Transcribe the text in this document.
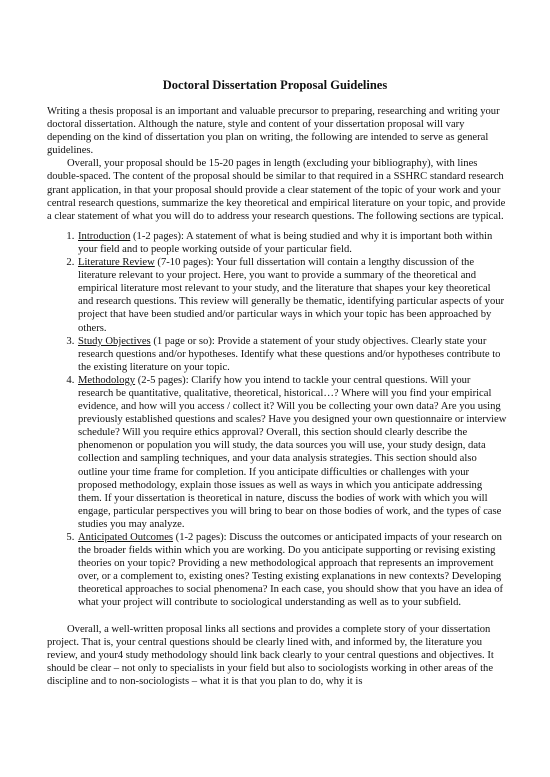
Doctoral Dissertation Proposal Guidelines

Writing a thesis proposal is an important and valuable precursor to preparing, researching and writing your doctoral dissertation. Although the nature, style and content of your dissertation proposal will vary depending on the kind of dissertation you plan on writing, the following are intended to serve as general guidelines.

Overall, your proposal should be 15-20 pages in length (excluding your bibliography), with lines double-spaced. The content of the proposal should be similar to that required in a SSHRC standard research grant application, in that your proposal should provide a clear statement of the topic of your work and your central research questions, summarize the key theoretical and empirical literature on your topic, and provide a clear statement of what you will do to address your research questions. The following sections are typical.

1. Introduction (1-2 pages): A statement of what is being studied and why it is important both within your field and to people working outside of your particular field.
2. Literature Review (7-10 pages): Your full dissertation will contain a lengthy discussion of the literature relevant to your project. Here, you want to provide a summary of the theoretical and empirical literature most relevant to your study, and the literature that shapes your key theoretical and research questions. This review will generally be thematic, identifying particular aspects of your project that have been studied and/or particular ways in which your topic has been approached by others.
3. Study Objectives (1 page or so): Provide a statement of your study objectives. Clearly state your research questions and/or hypotheses. Identify what these questions and/or hypotheses contribute to the existing literature on your topic.
4. Methodology (2-5 pages): Clarify how you intend to tackle your central questions. Will your research be quantitative, qualitative, theoretical, historical…? Where will you find your empirical evidence, and how will you access / collect it? Will you be collecting your own data? Are you using previously established questions and scales? Have you designed your own questionnaire or interview schedule? Will you require ethics approval? Overall, this section should clearly describe the phenomenon or population you will study, the data sources you will use, your study design, data collection and sampling techniques, and your data analysis strategies. This section should also outline your time frame for completion. If you anticipate difficulties or challenges with your proposed methodology, explain those issues as well as ways in which you anticipate addressing them. If your dissertation is theoretical in nature, discuss the bodies of work with which you will engage, particular perspectives you will bring to bear on those bodies of work, and the types of case studies you may analyze.
5. Anticipated Outcomes (1-2 pages): Discuss the outcomes or anticipated impacts of your research on the broader fields within which you are working. Do you anticipate supporting or revising existing theories on your topic? Providing a new methodological approach that represents an improvement over, or a complement to, existing ones? Testing existing explanations in new contexts? Developing theoretical approaches to social phenomena? In each case, you should show that you have an idea of what your project will contribute to sociological understanding as well as to your subfield.

Overall, a well-written proposal links all sections and provides a complete story of your dissertation project. That is, your central questions should be clearly lined with, and informed by, the literature you review, and your4 study methodology should link back clearly to your central questions and objectives. It should be clear – not only to specialists in your field but also to sociologists working in other areas of the discipline and to non-sociologists – what it is that you plan to do, why it is
